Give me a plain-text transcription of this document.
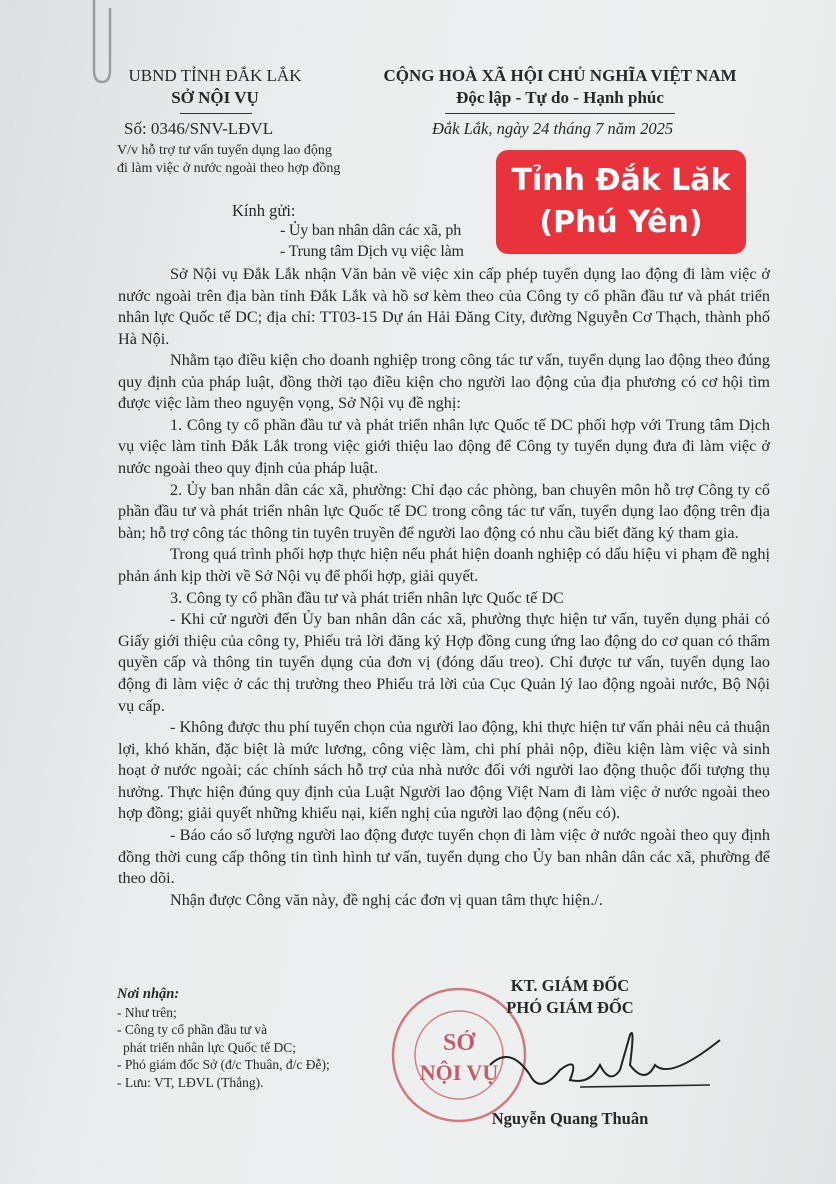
UBND TỈNH ĐẮK LẮK
SỞ NỘI VỤ
CỘNG HOÀ XÃ HỘI CHỦ NGHĨA VIỆT NAM
Độc lập - Tự do - Hạnh phúc
Số: 0346/SNV-LĐVL	Đắk Lắk, ngày 24 tháng 7 năm 2025
V/v hỗ trợ tư vấn tuyển dụng lao động
đi làm việc ở nước ngoài theo hợp đồng
Kính gửi:
- Ủy ban nhân dân các xã, ph
- Trung tâm Dịch vụ việc làm
Tỉnh Đắk Lăk
(Phú Yên)

Sở Nội vụ Đắk Lắk nhận Văn bản về việc xin cấp phép tuyển dụng lao động đi làm việc ở nước ngoài trên địa bàn tỉnh Đắk Lắk và hồ sơ kèm theo của Công ty cổ phần đầu tư và phát triển nhân lực Quốc tế DC; địa chỉ: TT03-15 Dự án Hải Đăng City, đường Nguyễn Cơ Thạch, thành phố Hà Nội.

Nhằm tạo điều kiện cho doanh nghiệp trong công tác tư vấn, tuyển dụng lao động theo đúng quy định của pháp luật, đồng thời tạo điều kiện cho người lao động của địa phương có cơ hội tìm được việc làm theo nguyện vọng, Sở Nội vụ đề nghị:

1. Công ty cổ phần đầu tư và phát triển nhân lực Quốc tế DC phối hợp với Trung tâm Dịch vụ việc làm tỉnh Đắk Lắk trong việc giới thiệu lao động để Công ty tuyển dụng đưa đi làm việc ở nước ngoài theo quy định của pháp luật.

2. Ủy ban nhân dân các xã, phường: Chỉ đạo các phòng, ban chuyên môn hỗ trợ Công ty cổ phần đầu tư và phát triển nhân lực Quốc tế DC trong công tác tư vấn, tuyển dụng lao động trên địa bàn; hỗ trợ công tác thông tin tuyên truyền để người lao động có nhu cầu biết đăng ký tham gia.

Trong quá trình phối hợp thực hiện nếu phát hiện doanh nghiệp có dấu hiệu vi phạm đề nghị phản ánh kịp thời về Sở Nội vụ để phối hợp, giải quyết.

3. Công ty cổ phần đầu tư và phát triển nhân lực Quốc tế DC

- Khi cử người đến Ủy ban nhân dân các xã, phường thực hiện tư vấn, tuyển dụng phải có Giấy giới thiệu của công ty, Phiếu trả lời đăng ký Hợp đồng cung ứng lao động do cơ quan có thẩm quyền cấp và thông tin tuyển dụng của đơn vị (đóng dấu treo). Chỉ được tư vấn, tuyển dụng lao động đi làm việc ở các thị trường theo Phiếu trả lời của Cục Quản lý lao động ngoài nước, Bộ Nội vụ cấp.

- Không được thu phí tuyển chọn của người lao động, khi thực hiện tư vấn phải nêu cả thuận lợi, khó khăn, đặc biệt là mức lương, công việc làm, chi phí phải nộp, điều kiện làm việc và sinh hoạt ở nước ngoài; các chính sách hỗ trợ của nhà nước đối với người lao động thuộc đối tượng thụ hưởng. Thực hiện đúng quy định của Luật Người lao động Việt Nam đi làm việc ở nước ngoài theo hợp đồng; giải quyết những khiếu nại, kiến nghị của người lao động (nếu có).

- Báo cáo số lượng người lao động được tuyển chọn đi làm việc ở nước ngoài theo quy định đồng thời cung cấp thông tin tình hình tư vấn, tuyển dụng cho Ủy ban nhân dân các xã, phường để theo dõi.

Nhận được Công văn này, đề nghị các đơn vị quan tâm thực hiện./.

Nơi nhận:
- Như trên;
- Công ty cổ phần đầu tư và
phát triển nhân lực Quốc tế DC;
- Phó giám đốc Sở (đ/c Thuân, đ/c Đễ);
- Lưu: VT, LĐVL (Thắng).
SỞ
NỘI VỤ
KT. GIÁM ĐỐC
PHÓ GIÁM ĐỐC
Nguyễn Quang Thuân
